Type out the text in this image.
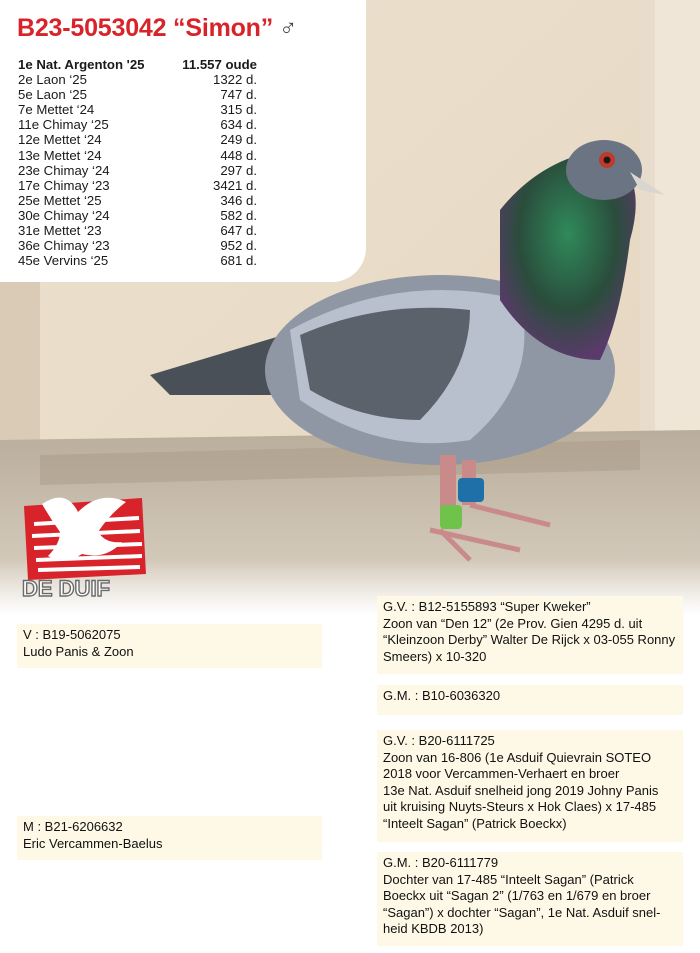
B23-5053042 “Simon” ♂
1e Nat. Argenton '25	11.557 oude
2e Laon ‘25	1322 d.
5e Laon ‘25	747 d.
7e Mettet ‘24	315 d.
11e Chimay ‘25	634 d.
12e Mettet ‘24	249 d.
13e Mettet ‘24	448 d.
23e Chimay ‘24	297 d.
17e Chimay ‘23	3421 d.
25e Mettet ‘25	346 d.
30e Chimay ‘24	582 d.
31e Mettet ‘23	647 d.
36e Chimay ‘23	952 d.
45e Vervins ‘25	681 d.
DE DUIF
V : B19-5062075
Ludo Panis & Zoon
M : B21-6206632
Eric Vercammen-Baelus
G.V. : B12-5155893 “Super Kweker”
Zoon van “Den 12” (2e Prov. Gien 4295 d. uit
“Kleinzoon Derby” Walter De Rijck x 03-055 Ronny
Smeers) x 10-320
G.M. : B10-6036320
G.V. : B20-6111725
Zoon van 16-806 (1e Asduif Quievrain SOTEO
2018 voor Vercammen-Verhaert en broer
13e Nat. Asduif snelheid jong 2019 Johny Panis
uit kruising Nuyts-Steurs x Hok Claes) x 17-485
“Inteelt Sagan” (Patrick Boeckx)
G.M. : B20-6111779
Dochter van 17-485 “Inteelt Sagan” (Patrick
Boeckx uit “Sagan 2” (1/763 en 1/679 en broer
“Sagan”) x dochter “Sagan”, 1e Nat. Asduif snel-
heid KBDB 2013)
